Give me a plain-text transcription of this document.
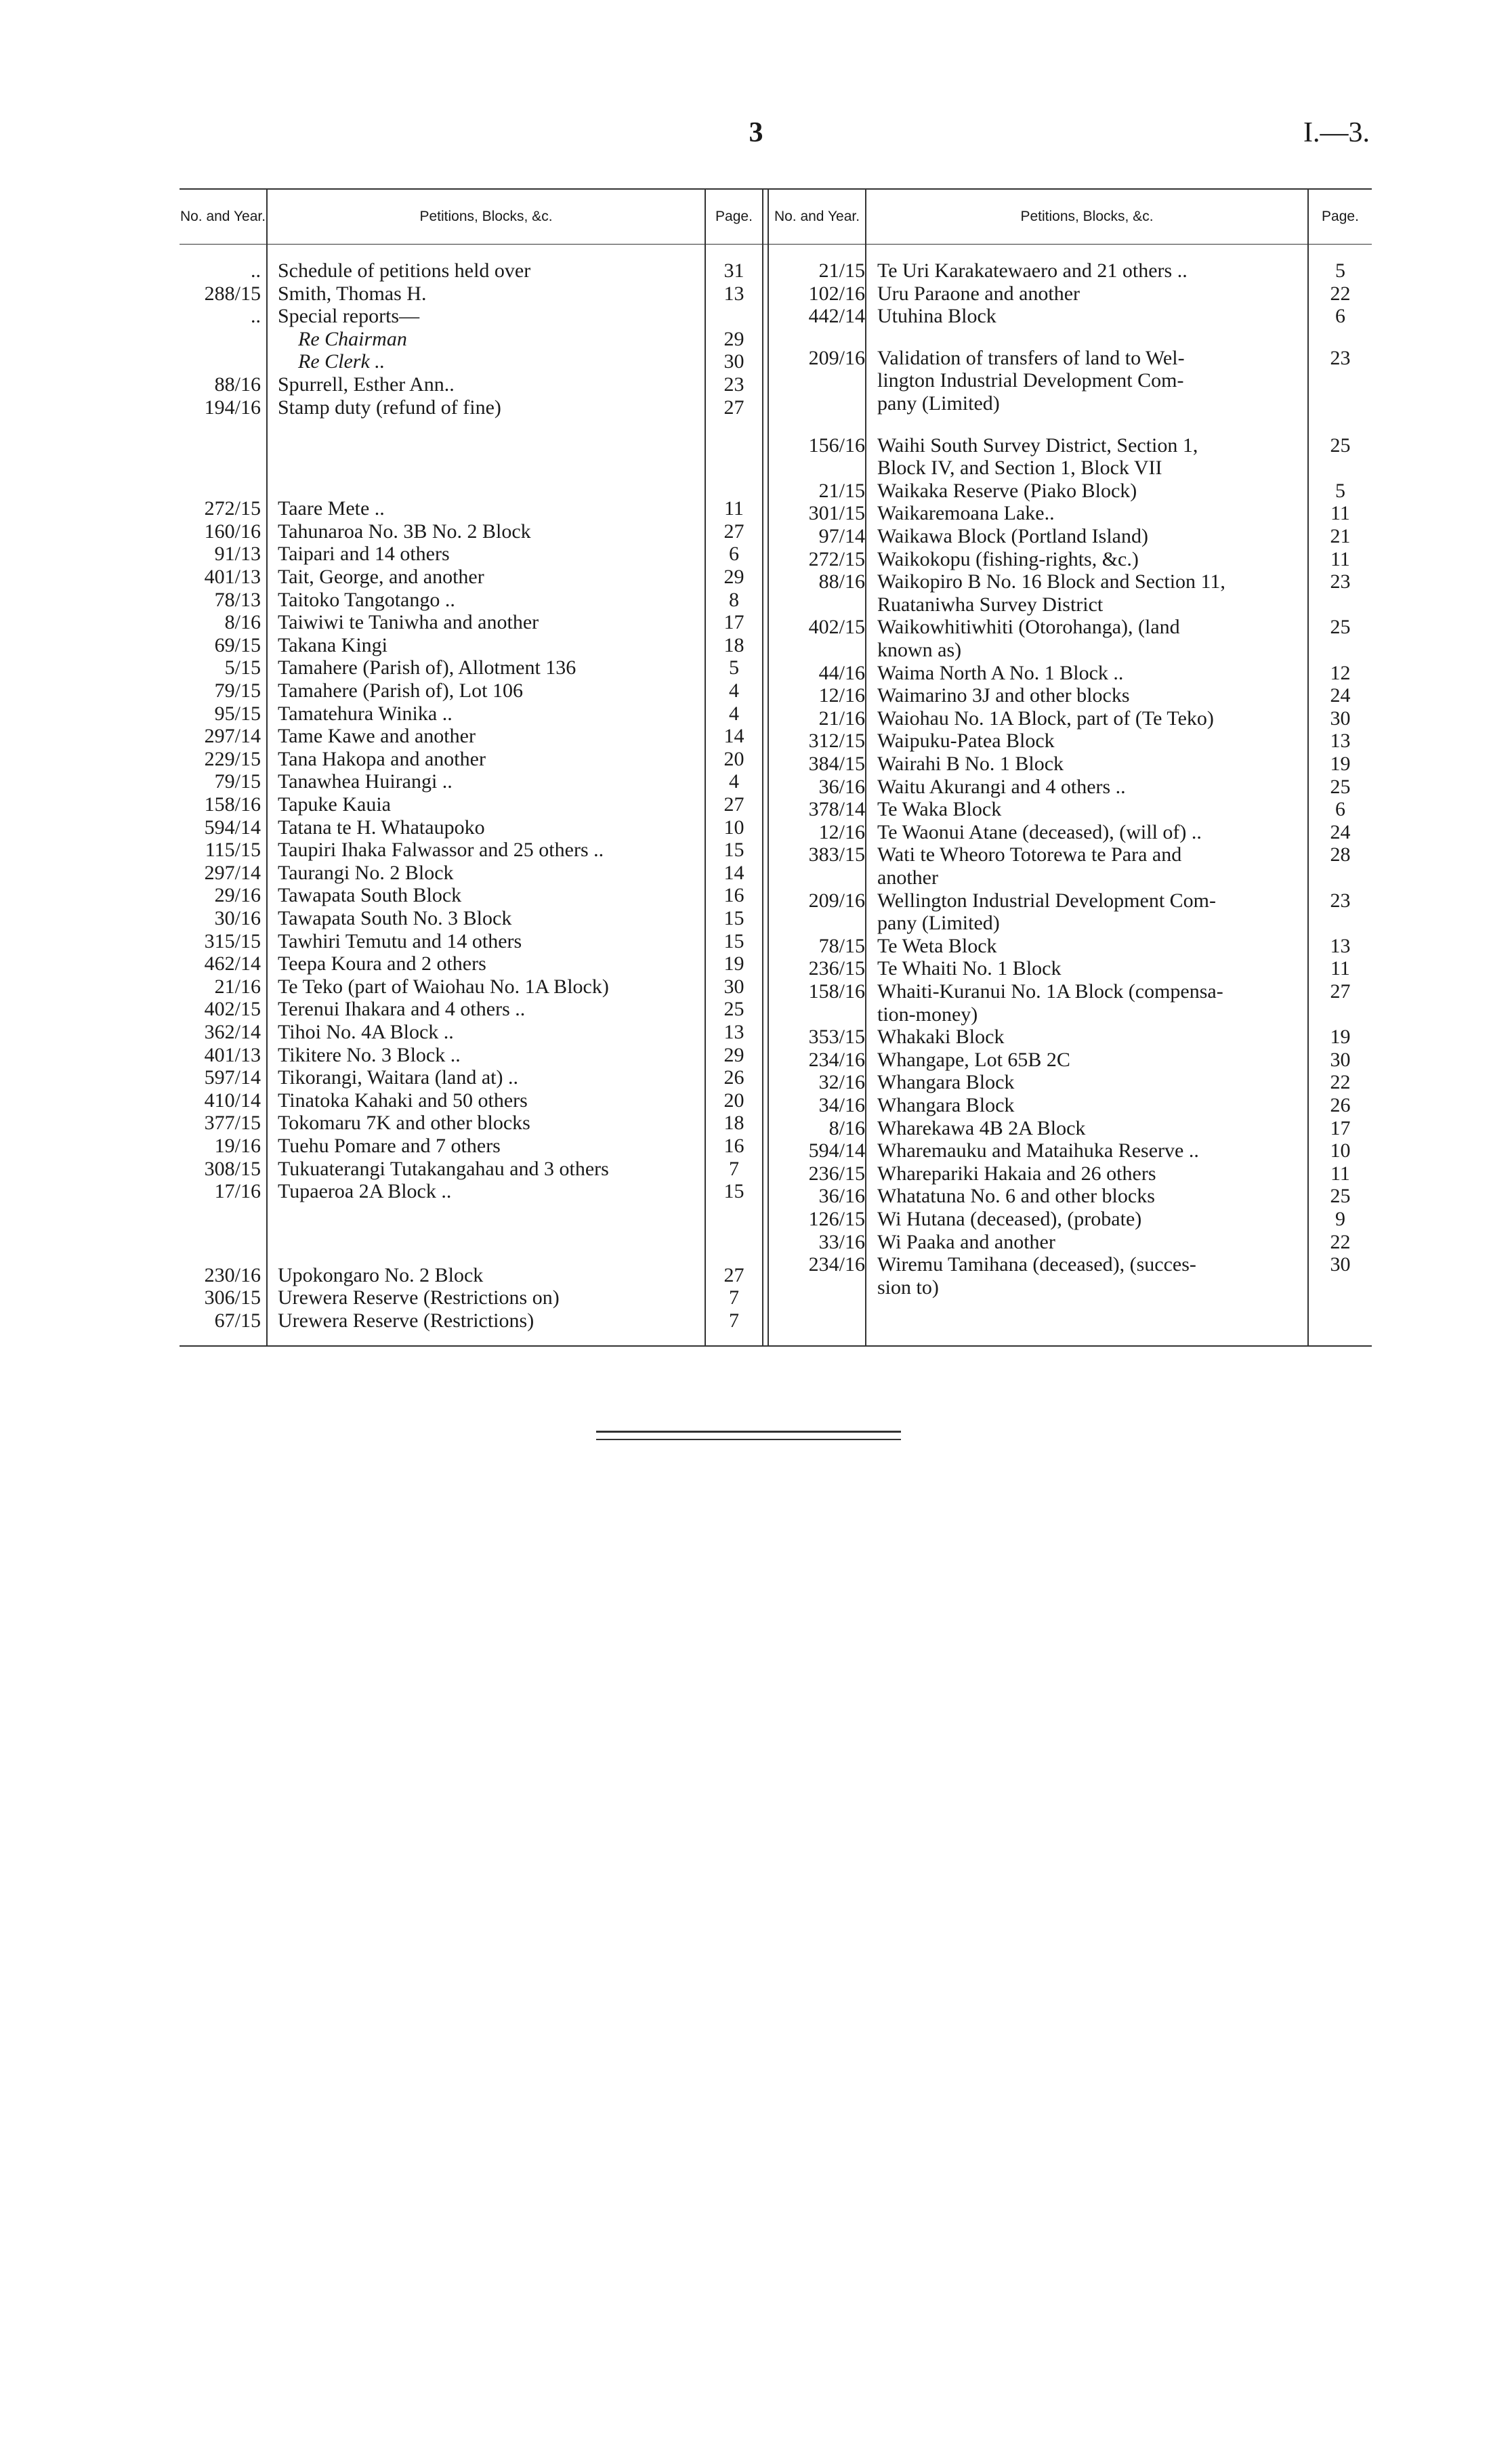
3	I.—3.
No. and Year.	Petitions, Blocks, &c.	Page.	No. and Year.	Petitions, Blocks, &c.	Page.
.. Schedule of petitions held over	31
288/15 Smith, Thomas H.	13
.. Special reports—
Re Chairman	29
Re Clerk ..	30
88/16 Spurrell, Esther Ann..	23
194/16 Stamp duty (refund of fine)	27
272/15 Taare Mete ..	11
160/16 Tahunaroa No. 3B No. 2 Block	27
91/13 Taipari and 14 others	6
401/13 Tait, George, and another	29
78/13 Taitoko Tangotango ..	8
8/16 Taiwiwi te Taniwha and another	17
69/15 Takana Kingi	18
5/15 Tamahere (Parish of), Allotment 136	5
79/15 Tamahere (Parish of), Lot 106	4
95/15 Tamatehura Winika ..	4
297/14 Tame Kawe and another	14
229/15 Tana Hakopa and another	20
79/15 Tanawhea Huirangi ..	4
158/16 Tapuke Kauia	27
594/14 Tatana te H. Whataupoko	10
115/15 Taupiri Ihaka Falwassor and 25 others ..	15
297/14 Taurangi No. 2 Block	14
29/16 Tawapata South Block	16
30/16 Tawapata South No. 3 Block	15
315/15 Tawhiri Temutu and 14 others	15
462/14 Teepa Koura and 2 others	19
21/16 Te Teko (part of Waiohau No. 1A Block)	30
402/15 Terenui Ihakara and 4 others ..	25
362/14 Tihoi No. 4A Block ..	13
401/13 Tikitere No. 3 Block ..	29
597/14 Tikorangi, Waitara (land at) ..	26
410/14 Tinatoka Kahaki and 50 others	20
377/15 Tokomaru 7K and other blocks	18
19/16 Tuehu Pomare and 7 others	16
308/15 Tukuaterangi Tutakangahau and 3 others	7
17/16 Tupaeroa 2A Block ..	15
230/16 Upokongaro No. 2 Block	27
306/15 Urewera Reserve (Restrictions on)	7
67/15 Urewera Reserve (Restrictions)	7
21/15 Te Uri Karakatewaero and 21 others ..	5
102/16 Uru Paraone and another	22
442/14 Utuhina Block	6
209/16 Validation of transfers of land to Wel-	23
lington Industrial Development Com-
pany (Limited)
156/16 Waihi South Survey District, Section 1,	25
Block IV, and Section 1, Block VII
21/15 Waikaka Reserve (Piako Block)	5
301/15 Waikaremoana Lake..	11
97/14 Waikawa Block (Portland Island)	21
272/15 Waikokopu (fishing-rights, &c.)	11
88/16 Waikopiro B No. 16 Block and Section 11,	23
Ruataniwha Survey District
402/15 Waikowhitiwhiti (Otorohanga), (land	25
known as)
44/16 Waima North A No. 1 Block ..	12
12/16 Waimarino 3J and other blocks	24
21/16 Waiohau No. 1A Block, part of (Te Teko)	30
312/15 Waipuku-Patea Block	13
384/15 Wairahi B No. 1 Block	19
36/16 Waitu Akurangi and 4 others ..	25
378/14 Te Waka Block	6
12/16 Te Waonui Atane (deceased), (will of) ..	24
383/15 Wati te Wheoro Totorewa te Para and	28
another
209/16 Wellington Industrial Development Com-	23
pany (Limited)
78/15 Te Weta Block	13
236/15 Te Whaiti No. 1 Block	11
158/16 Whaiti-Kuranui No. 1A Block (compensa-	27
tion-money)
353/15 Whakaki Block	19
234/16 Whangape, Lot 65B 2C	30
32/16 Whangara Block	22
34/16 Whangara Block	26
8/16 Wharekawa 4B 2A Block	17
594/14 Wharemauku and Mataihuka Reserve ..	10
236/15 Wharepariki Hakaia and 26 others	11
36/16 Whatatuna No. 6 and other blocks	25
126/15 Wi Hutana (deceased), (probate)	9
33/16 Wi Paaka and another	22
234/16 Wiremu Tamihana (deceased), (succes-	30
sion to)
